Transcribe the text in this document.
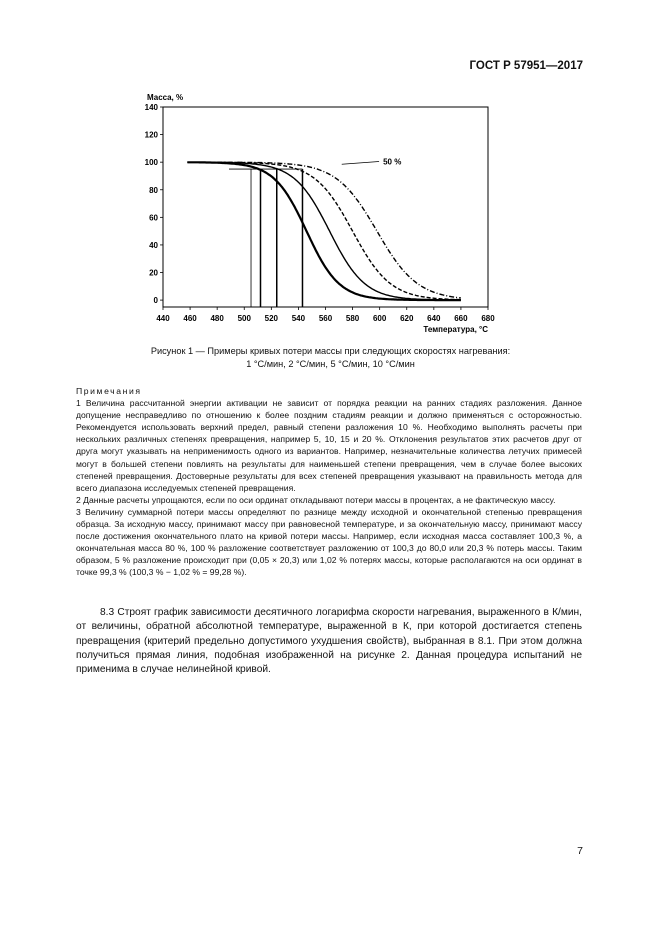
ГОСТ Р 57951—2017
0
20
40
60
80
100
120
140
440 460 480 500 520 540 560 580 600 620 640 660 680
Массa, %
Температура, °C
50 %
Рисунок 1 — Примеры кривых потери массы при следующих скоростях нагревания:
1 °C/мин, 2 °C/мин, 5 °C/мин, 10 °C/мин

Примечания

1 Величина рассчитанной энергии активации не зависит от порядка реакции на ранних стадиях разложения. Данное допущение несправедливо по отношению к более поздним стадиям реакции и должно применяться с осторожностью. Рекомендуется использовать верхний предел, равный степени разложения 10 %. Необходимо выполнять расчеты при нескольких различных степенях превращения, например 5, 10, 15 и 20 %. Отклонения результатов этих расчетов друг от друга могут указывать на неприменимость одного из вариантов. Например, незначительные количества летучих примесей могут в большей степени повлиять на результаты для наименьшей степени превращения, чем в случае более высоких степеней превращения. Достоверные результаты для всех степеней превращения указывают на правильность метода для всего диапазона исследуемых степеней превращения.

2 Данные расчеты упрощаются, если по оси ординат откладывают потери массы в процентах, а не фактическую массу.

3 Величину суммарной потери массы определяют по разнице между исходной и окончательной степенью превращения образца. За исходную массу, принимают массу при равновесной температуре, и за окончательную массу, принимают массу после достижения окончательного плато на кривой потери массы. Например, если исходная масса составляет 100,3 %, а окончательная масса 80 %, 100 % разложение соответствует разложению от 100,3 до 80,0 или 20,3 % потерь массы. Таким образом, 5 % разложение происходит при (0,05 × 20,3) или 1,02 % потерях массы, которые располагаются на оси ординат в точке 99,3 % (100,3 % − 1,02 % = 99,28 %).

8.3 Строят график зависимости десятичного логарифма скорости нагревания, выраженного в К/мин, от величины, обратной абсолютной температуре, выраженной в К, при которой достигается степень превращения (критерий предельно допустимого ухудшения свойств), выбранная в 8.1. При этом должна получиться прямая линия, подобная изображенной на рисунке 2. Данная процедура испытаний не применима в случае нелинейной кривой.

7
